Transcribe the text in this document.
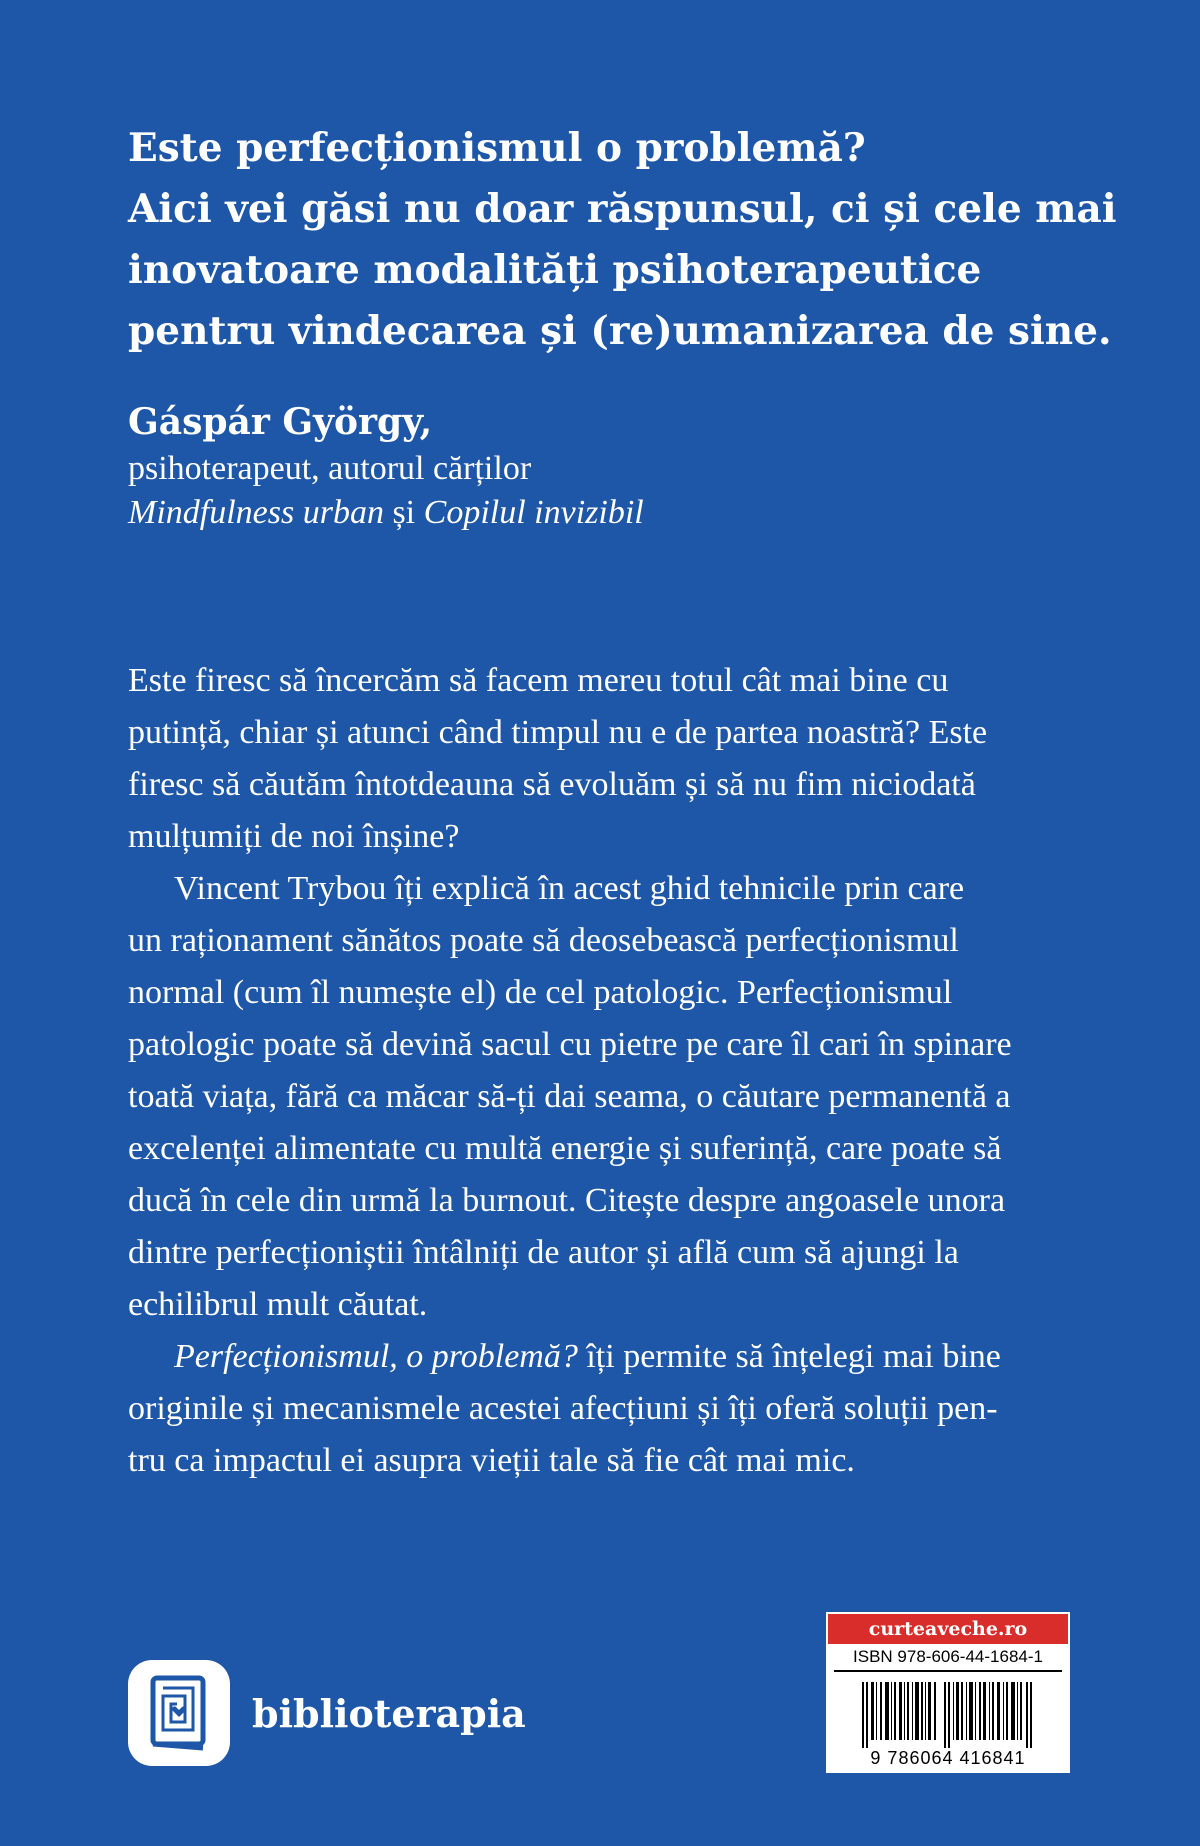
Este perfecționismul o problemă?
Aici vei găsi nu doar răspunsul, ci și cele mai
inovatoare modalități psihoterapeutice
pentru vindecarea și (re)umanizarea de sine.
Gáspár György,
psihoterapeut, autorul cărților
Mindfulness urban și Copilul invizibil

Este firesc să încercăm să facem mereu totul cât mai bine cu
putință, chiar și atunci când timpul nu e de partea noastră? Este
firesc să căutăm întotdeauna să evoluăm și să nu fim niciodată
mulțumiți de noi înșine?

Vincent Trybou îți explică în acest ghid tehnicile prin care
un raționament sănătos poate să deosebească perfecționismul
normal (cum îl numește el) de cel patologic. Perfecționismul
patologic poate să devină sacul cu pietre pe care îl cari în spinare
toată viața, fără ca măcar să-ți dai seama, o căutare permanentă a
excelenței alimentate cu multă energie și suferință, care poate să
ducă în cele din urmă la burnout. Citește despre angoasele unora
dintre perfecționiștii întâlniți de autor și află cum să ajungi la
echilibrul mult căutat.

Perfecționismul, o problemă? îți permite să înțelegi mai bine
originile și mecanismele acestei afecțiuni și îți oferă soluții pen-
tru ca impactul ei asupra vieții tale să fie cât mai mic.

biblioterapia
curteaveche.ro
ISBN 978-606-44-1684-1
9 786064 416841
